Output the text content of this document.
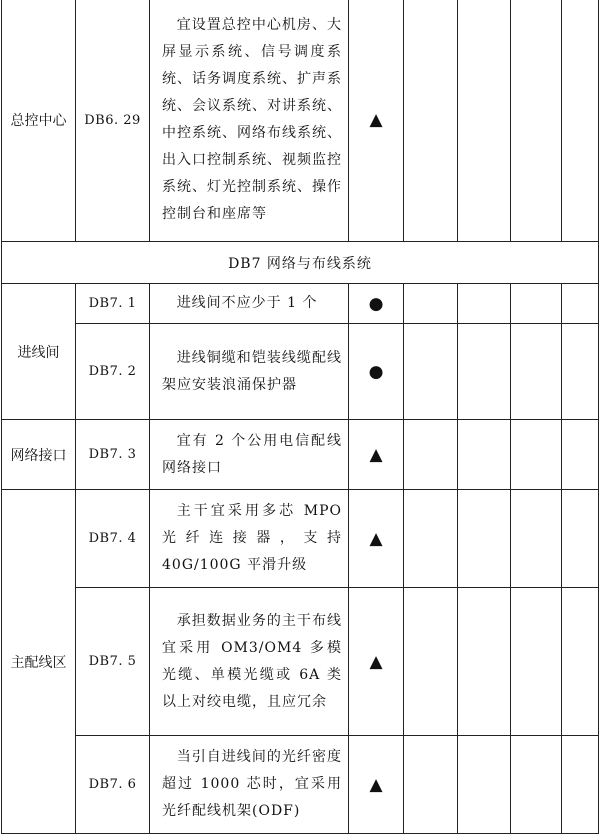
总控中心	DB6. 29	宜设置总控中心机房、大屏显示系统、信号调度系统、话务调度系统、扩声系统、会议系统、对讲系统、中控系统、网络布线系统、出入口控制系统、视频监控系统、灯光控制系统、操作控制台和座席等	▲				
DB7 网络与布线系统							
进线间	DB7. 1	进线间不应少于 1 个	●				
	DB7. 2	进线铜缆和铠装线缆配线架应安装浪涌保护器	●				
网络接口	DB7. 3	宜有 2 个公用电信配线网络接口	▲				
主配线区	DB7. 4	主干宜采用多芯 MPO 光纤连接器，支持 40G/100G 平滑升级	▲				
	DB7. 5	承担数据业务的主干布线宜采用 OM3/OM4 多模光缆、单模光缆或 6A 类以上对绞电缆，且应冗余	▲				
	DB7. 6	当引自进线间的光纤密度超过 1000 芯时，宜采用光纤配线机架(ODF)	▲				
